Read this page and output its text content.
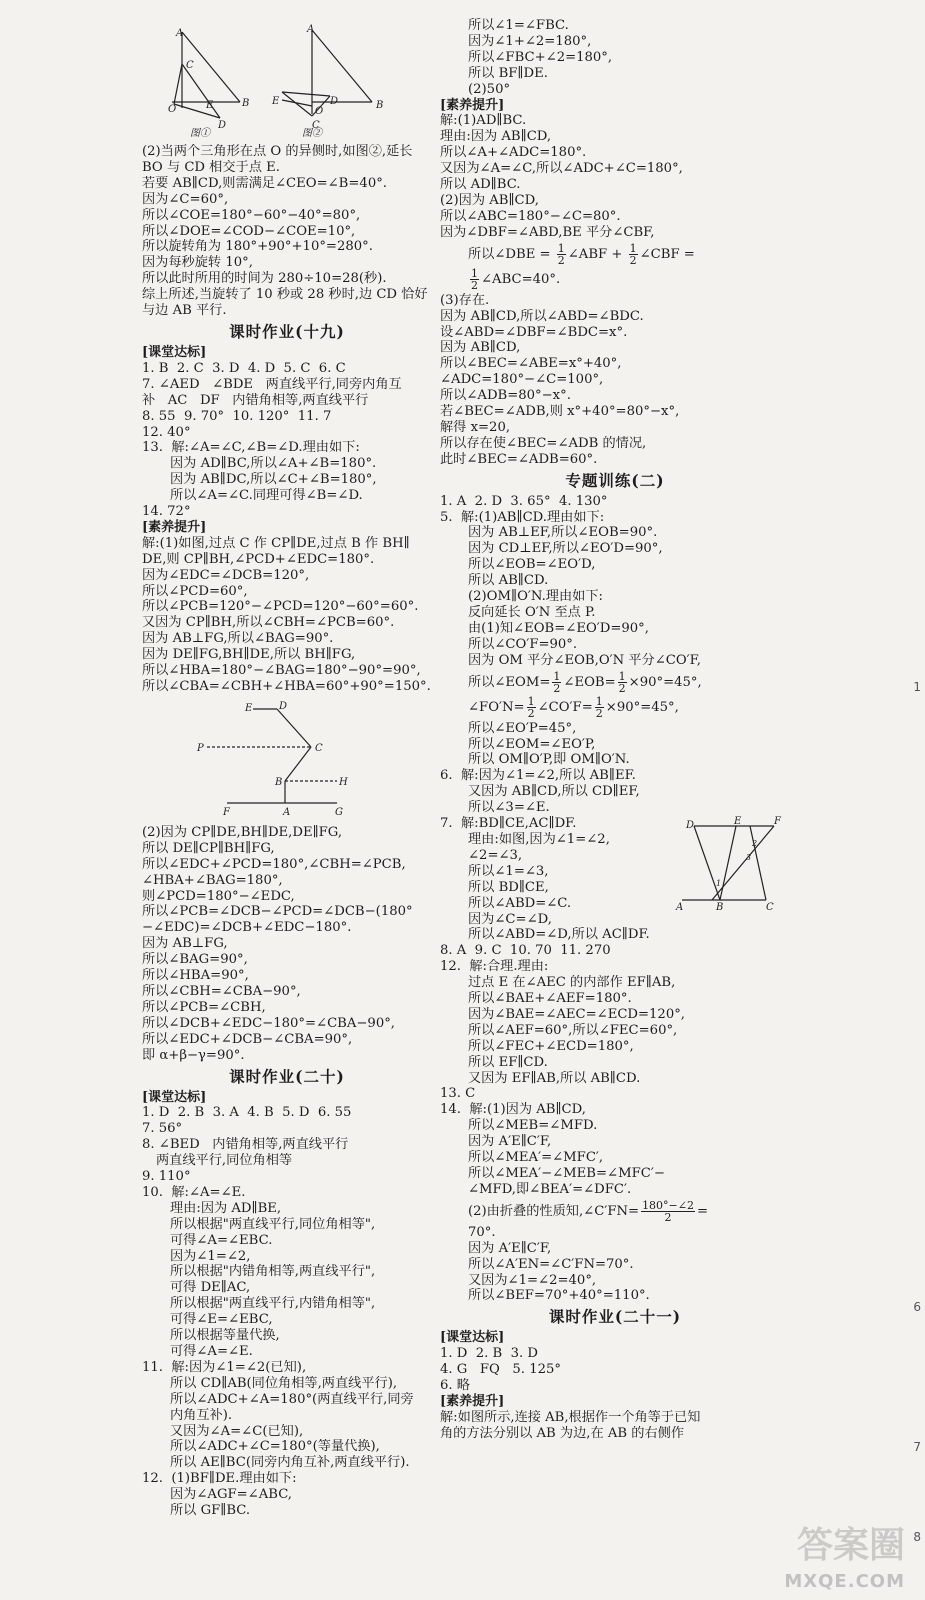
A
B
C
D
E
O
图①
A
B
C
D
E
O
图②
(2)当两个三角形在点 O 的异侧时,如图②,延长
BO 与 CD 相交于点 E.
若要 AB∥CD,则需满足∠CEO=∠B=40°.
因为∠C=60°,
所以∠COE=180°−60°−40°=80°,
所以∠DOE=∠COD−∠COE=10°,
所以旋转角为 180°+90°+10°=280°.
因为每秒旋转 10°,
所以此时所用的时间为 280÷10=28(秒).
综上所述,当旋转了 10 秒或 28 秒时,边 CD 恰好
与边 AB 平行.
课时作业(十九)
[课堂达标]
1. B  2. C  3. D  4. D  5. C  6. C
7. ∠AED   ∠BDE   两直线平行,同旁内角互
补   AC   DF   内错角相等,两直线平行
8. 55  9. 70°  10. 120°  11. 7
12. 40°
13.  解:∠A=∠C,∠B=∠D.理由如下:
因为 AD∥BC,所以∠A+∠B=180°.
因为 AB∥DC,所以∠C+∠B=180°,
所以∠A=∠C.同理可得∠B=∠D.
14. 72°
[素养提升]
解:(1)如图,过点 C 作 CP∥DE,过点 B 作 BH∥
DE,则 CP∥BH,∠PCD+∠EDC=180°.
因为∠EDC=∠DCB=120°,
所以∠PCD=60°,
所以∠PCB=120°−∠PCD=120°−60°=60°.
又因为 CP∥BH,所以∠CBH=∠PCB=60°.
因为 AB⊥FG,所以∠BAG=90°.
因为 DE∥FG,BH∥DE,所以 BH∥FG,
所以∠HBA=180°−∠BAG=180°−90°=90°,
所以∠CBA=∠CBH+∠HBA=60°+90°=150°.
E	D
P	C
B	H
F	A	G
(2)因为 CP∥DE,BH∥DE,DE∥FG,
所以 DE∥CP∥BH∥FG,
所以∠EDC+∠PCD=180°,∠CBH=∠PCB,
∠HBA+∠BAG=180°,
则∠PCD=180°−∠EDC,
所以∠PCB=∠DCB−∠PCD=∠DCB−(180°
−∠EDC)=∠DCB+∠EDC−180°.
因为 AB⊥FG,
所以∠BAG=90°,
所以∠HBA=90°,
所以∠CBH=∠CBA−90°,
所以∠PCB=∠CBH,
所以∠DCB+∠EDC−180°=∠CBA−90°,
所以∠EDC+∠DCB−∠CBA=90°,
即 α+β−γ=90°.
课时作业(二十)
[课堂达标]
1. D  2. B  3. A  4. B  5. D  6. 55
7. 56°
8. ∠BED   内错角相等,两直线平行
两直线平行,同位角相等
9. 110°
10.  解:∠A=∠E.
理由:因为 AD∥BE,
所以根据"两直线平行,同位角相等",
可得∠A=∠EBC.
因为∠1=∠2,
所以根据"内错角相等,两直线平行",
可得 DE∥AC,
所以根据"两直线平行,内错角相等",
可得∠E=∠EBC,
所以根据等量代换,
可得∠A=∠E.
11.  解:因为∠1=∠2(已知),
所以 CD∥AB(同位角相等,两直线平行),
所以∠ADC+∠A=180°(两直线平行,同旁
内角互补).
又因为∠A=∠C(已知),
所以∠ADC+∠C=180°(等量代换),
所以 AE∥BC(同旁内角互补,两直线平行).
12.  (1)BF∥DE.理由如下:
因为∠AGF=∠ABC,
所以 GF∥BC.
所以∠1=∠FBC.
因为∠1+∠2=180°,
所以∠FBC+∠2=180°,
所以 BF∥DE.
(2)50°
[素养提升]
解:(1)AD∥BC.
理由:因为 AB∥CD,
所以∠A+∠ADC=180°.
又因为∠A=∠C,所以∠ADC+∠C=180°,
所以 AD∥BC.
(2)因为 AB∥CD,
所以∠ABC=180°−∠C=80°.
因为∠DBF=∠ABD,BE 平分∠CBF,
所以∠DBE = $\frac{1}{2}$ ∠ABF + $\frac{1}{2}$ ∠CBF =
$\frac{1}{2}$ ∠ABC=40°.
(3)存在.
因为 AB∥CD,所以∠ABD=∠BDC.
设∠ABD=∠DBF=∠BDC=x°.
因为 AB∥CD,
所以∠BEC=∠ABE=x°+40°,
∠ADC=180°−∠C=100°,
所以∠ADB=80°−x°.
若∠BEC=∠ADB,则 x°+40°=80°−x°,
解得 x=20,
所以存在使∠BEC=∠ADB 的情况,
此时∠BEC=∠ADB=60°.
专题训练(二)
1. A  2. D  3. 65°  4. 130°
5.  解:(1)AB∥CD.理由如下:
因为 AB⊥EF,所以∠EOB=90°.
因为 CD⊥EF,所以∠EO′D=90°,
所以∠EOB=∠EO′D,
所以 AB∥CD.
(2)OM∥O′N.理由如下:
反向延长 O′N 至点 P.
由(1)知∠EOB=∠EO′D=90°,
所以∠CO′F=90°.
因为 OM 平分∠EOB,O′N 平分∠CO′F,
所以∠EOM= $\frac{1}{2}$ ∠EOB= $\frac{1}{2} \times 90^\circ=45^\circ$,
∠FO′N= $\frac{1}{2}$ ∠CO′F= $\frac{1}{2} \times 90^\circ=45^\circ$,
所以∠EO′P=45°,
所以∠EOM=∠EO′P,
所以 OM∥O′P,即 OM∥O′N.
6.  解:因为∠1=∠2,所以 AB∥EF.
又因为 AB∥CD,所以 CD∥EF,
所以∠3=∠E.
7.  解:BD∥CE,AC∥DF.
理由:如图,因为∠1=∠2,
∠2=∠3,
所以∠1=∠3,
所以 BD∥CE,
所以∠ABD=∠C.
因为∠C=∠D,
D	E	F
A	B	C
1
2
3
所以∠ABD=∠D,所以 AC∥DF.
8. A  9. C  10. 70  11. 270
12.  解:合理.理由:
过点 E 在∠AEC 的内部作 EF∥AB,
所以∠BAE+∠AEF=180°.
因为∠BAE=∠AEC=∠ECD=120°,
所以∠AEF=60°,所以∠FEC=60°,
所以∠FEC+∠ECD=180°,
所以 EF∥CD.
又因为 EF∥AB,所以 AB∥CD.
13. C
14.  解:(1)因为 AB∥CD,
所以∠MEB=∠MFD.
因为 A′E∥C′F,
所以∠MEA′=∠MFC′,
所以∠MEA′−∠MEB=∠MFC′−
∠MFD,即∠BEA′=∠DFC′.
(2)由折叠的性质知,∠C′FN= $\frac{180^\circ-\angle 2}{2}$ =
70°.
因为 A′E∥C′F,
所以∠A′EN=∠C′FN=70°.
又因为∠1=∠2=40°,
所以∠BEF=70°+40°=110°.
课时作业(二十一)
[课堂达标]
1. D  2. B  3. D
4. G   FQ   5. 125°
6. 略
[素养提升]
解:如图所示,连接 AB,根据作一个角等于已知
角的方法分别以 AB 为边,在 AB 的右侧作
1
7
8
6
答案圈
MXQE.COM
